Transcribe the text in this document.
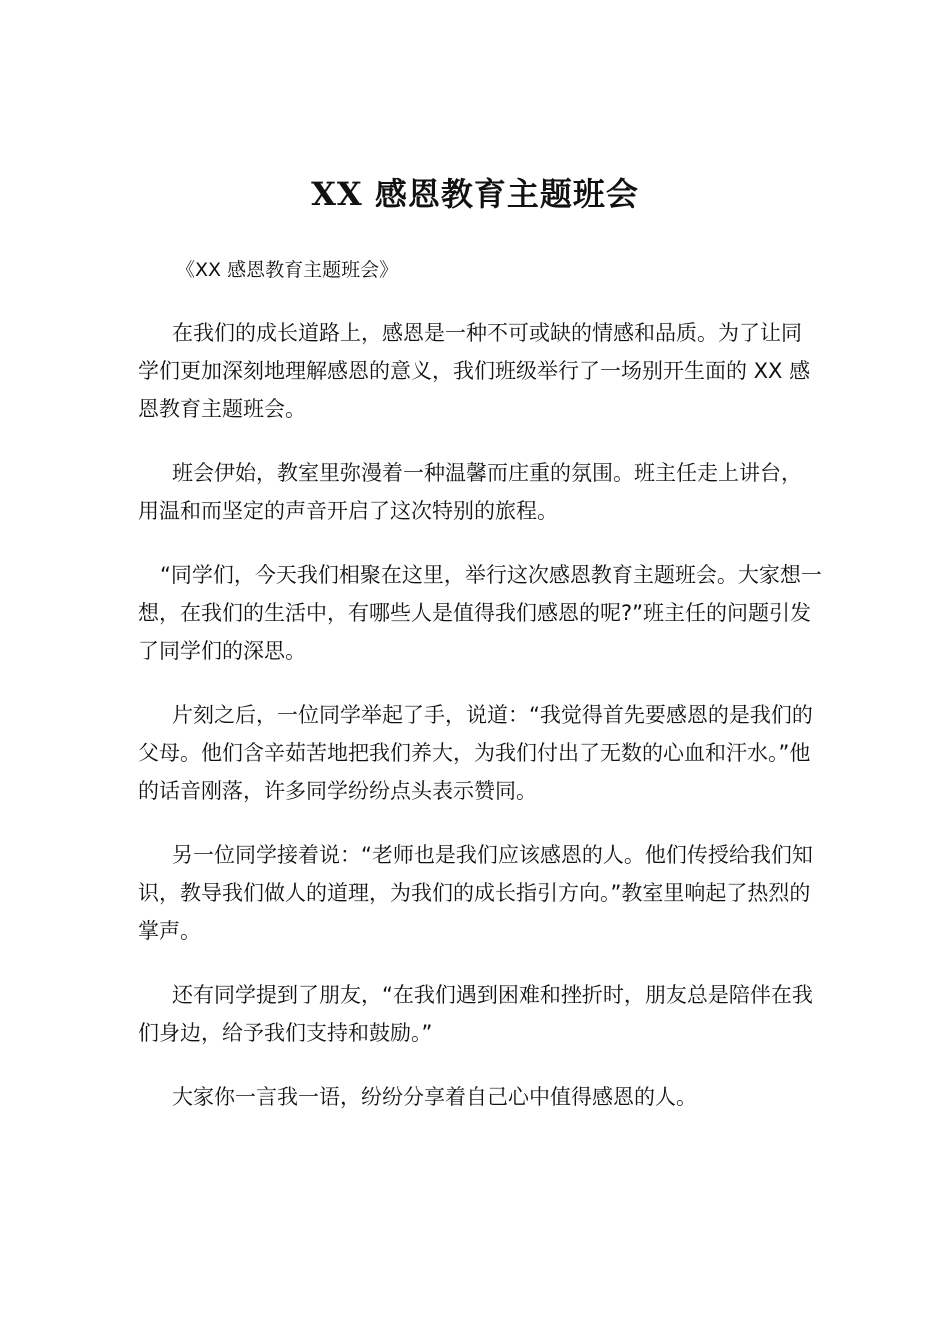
XX 感恩教育主题班会

《XX 感恩教育主题班会》

在我们的成长道路上，感恩是一种不可或缺的情感和品质。为了让同学们更加深刻地理解感恩的意义，我们班级举行了一场别开生面的 XX 感恩教育主题班会。

班会伊始，教室里弥漫着一种温馨而庄重的氛围。班主任走上讲台，用温和而坚定的声音开启了这次特别的旅程。

“同学们，今天我们相聚在这里，举行这次感恩教育主题班会。大家想一想，在我们的生活中，有哪些人是值得我们感恩的呢?”班主任的问题引发了同学们的深思。

片刻之后，一位同学举起了手，说道：“我觉得首先要感恩的是我们的父母。他们含辛茹苦地把我们养大，为我们付出了无数的心血和汗水。”他的话音刚落，许多同学纷纷点头表示赞同。

另一位同学接着说：“老师也是我们应该感恩的人。他们传授给我们知识，教导我们做人的道理，为我们的成长指引方向。”教室里响起了热烈的掌声。

还有同学提到了朋友，“在我们遇到困难和挫折时，朋友总是陪伴在我们身边，给予我们支持和鼓励。”

大家你一言我一语，纷纷分享着自己心中值得感恩的人。
